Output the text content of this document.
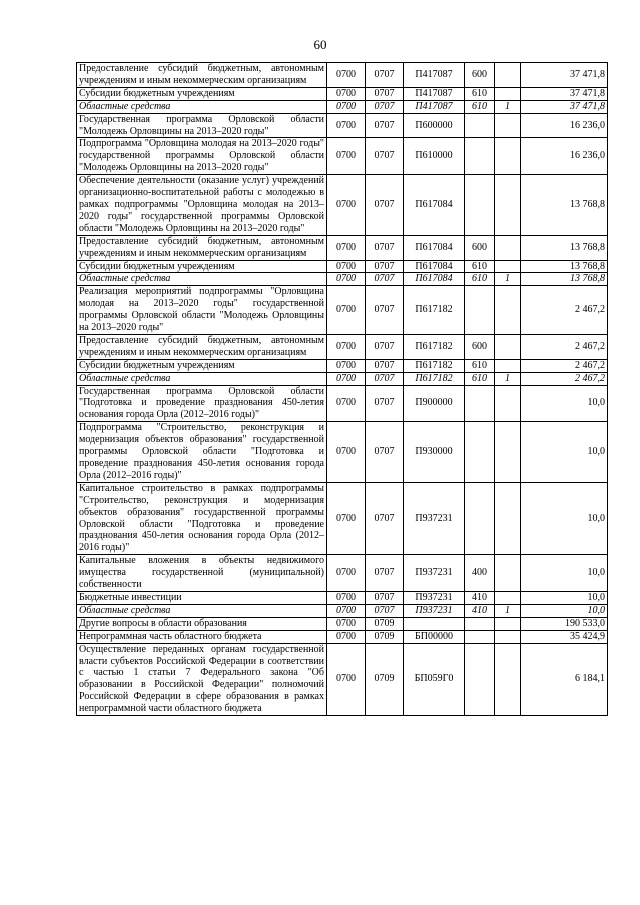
60
Предоставление субсидий бюджетным, автономным учреждениям и иным некоммерческим организациям	0700	0707	П417087	600		37 471,8
Субсидии бюджетным учреждениям	0700	0707	П417087	610		37 471,8
Областные средства	0700	0707	П417087	610	1	37 471,8
Государственная программа Орловской области "Молодежь Орловщины на 2013–2020 годы"	0700	0707	П600000			16 236,0
Подпрограмма "Орловщина молодая на 2013–2020 годы" государственной программы Орловской области "Молодежь Орловщины на 2013–2020 годы"	0700	0707	П610000			16 236,0
Обеспечение деятельности (оказание услуг) учреждений организационно-воспитательной работы с молодежью в рамках подпрограммы "Орловщина молодая на 2013–2020 годы" государственной программы Орловской области "Молодежь Орловщины на 2013–2020 годы"	0700	0707	П617084			13 768,8
Предоставление субсидий бюджетным, автономным учреждениям и иным некоммерческим организациям	0700	0707	П617084	600		13 768,8
Субсидии бюджетным учреждениям	0700	0707	П617084	610		13 768,8
Областные средства	0700	0707	П617084	610	1	13 768,8
Реализация мероприятий подпрограммы "Орловщина молодая на 2013–2020 годы" государственной программы Орловской области "Молодежь Орловщины на 2013–2020 годы"	0700	0707	П617182			2 467,2
Предоставление субсидий бюджетным, автономным учреждениям и иным некоммерческим организациям	0700	0707	П617182	600		2 467,2
Субсидии бюджетным учреждениям	0700	0707	П617182	610		2 467,2
Областные средства	0700	0707	П617182	610	1	2 467,2
Государственная программа Орловской области "Подготовка и проведение празднования 450-летия основания города Орла (2012–2016 годы)"	0700	0707	П900000			10,0
Подпрограмма "Строительство, реконструкция и модернизация объектов образования" государственной программы Орловской области "Подготовка и проведение празднования 450-летия основания города Орла (2012–2016 годы)"	0700	0707	П930000			10,0
Капитальное строительство в рамках подпрограммы "Строительство, реконструкция и модернизация объектов образования" государственной программы Орловской области "Подготовка и проведение празднования 450-летия основания города Орла (2012–2016 годы)"	0700	0707	П937231			10,0
Капитальные вложения в объекты недвижимого имущества государственной (муниципальной) собственности	0700	0707	П937231	400		10,0
Бюджетные инвестиции	0700	0707	П937231	410		10,0
Областные средства	0700	0707	П937231	410	1	10,0
Другие вопросы в области образования	0700	0709				190 533,0
Непрограммная часть областного бюджета	0700	0709	БП00000			35 424,9
Осуществление переданных органам государственной власти субъектов Российской Федерации в соответствии с частью 1 статьи 7 Федерального закона "Об образовании в Российской Федерации" полномочий Российской Федерации в сфере образования в рамках непрограммной части областного бюджета	0700	0709	БП059Г0			6 184,1
